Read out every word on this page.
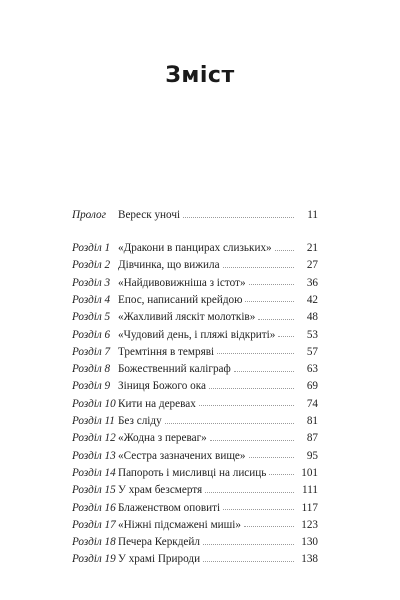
Зміст
Пролог	Вереск уночі	11
Розділ 1 «Дракони в панцирах слизьких»	21
Розділ 2 Дівчинка, що вижила	27
Розділ 3 «Найдивовижніша з істот»	36
Розділ 4 Епос, написаний крейдою	42
Розділ 5 «Жахливий ляскіт молотків»	48
Розділ 6 «Чудовий день, і пляжі відкриті»	53
Розділ 7 Тремтіння в темряві	57
Розділ 8 Божественний каліграф	63
Розділ 9 Зіниця Божого ока	69
Розділ 10 Кити на деревах	74
Розділ 11 Без сліду	81
Розділ 12 «Жодна з переваг»	87
Розділ 13 «Сестра зазначених вище»	95
Розділ 14 Папороть і мисливці на лисиць	101
Розділ 15 У храм безсмертя	111
Розділ 16 Блаженством оповиті	117
Розділ 17 «Ніжні підсмажені миші»	123
Розділ 18 Печера Керкдейл	130
Розділ 19 У храмі Природи	138
